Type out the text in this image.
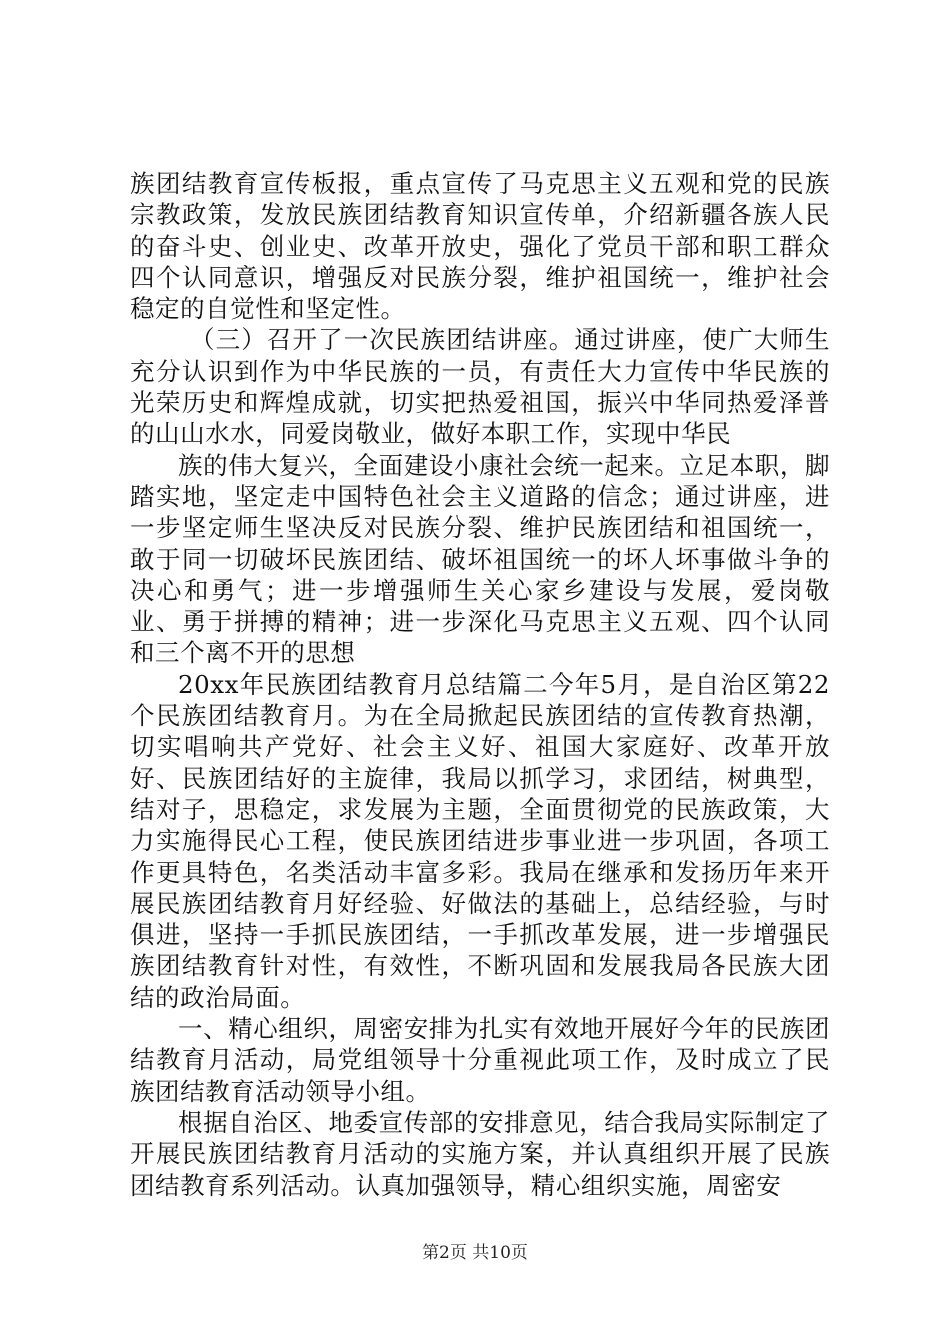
族团结教育宣传板报，重点宣传了马克思主义五观和党的民族宗教政策，发放民族团结教育知识宣传单，介绍新疆各族人民的奋斗史、创业史、改革开放史，强化了党员干部和职工群众四个认同意识，增强反对民族分裂，维护祖国统一，维护社会稳定的自觉性和坚定性。

（三）召开了一次民族团结讲座。通过讲座，使广大师生充分认识到作为中华民族的一员，有责任大力宣传中华民族的光荣历史和辉煌成就，切实把热爱祖国，振兴中华同热爱泽普的山山水水，同爱岗敬业，做好本职工作，实现中华民

族的伟大复兴，全面建设小康社会统一起来。立足本职，脚踏实地，坚定走中国特色社会主义道路的信念；通过讲座，进一步坚定师生坚决反对民族分裂、维护民族团结和祖国统一，敢于同一切破坏民族团结、破坏祖国统一的坏人坏事做斗争的决心和勇气；进一步增强师生关心家乡建设与发展，爱岗敬业、勇于拼搏的精神；进一步深化马克思主义五观、四个认同和三个离不开的思想

20xx年民族团结教育月总结篇二今年5月，是自治区第22个民族团结教育月。为在全局掀起民族团结的宣传教育热潮，切实唱响共产党好、社会主义好、祖国大家庭好、改革开放好、民族团结好的主旋律，我局以抓学习，求团结，树典型，结对子，思稳定，求发展为主题，全面贯彻党的民族政策，大力实施得民心工程，使民族团结进步事业进一步巩固，各项工作更具特色，名类活动丰富多彩。我局在继承和发扬历年来开展民族团结教育月好经验、好做法的基础上，总结经验，与时俱进，坚持一手抓民族团结，一手抓改革发展，进一步增强民族团结教育针对性，有效性，不断巩固和发展我局各民族大团结的政治局面。

一、精心组织，周密安排为扎实有效地开展好今年的民族团结教育月活动，局党组领导十分重视此项工作，及时成立了民族团结教育活动领导小组。

根据自治区、地委宣传部的安排意见，结合我局实际制定了开展民族团结教育月活动的实施方案，并认真组织开展了民族团结教育系列活动。认真加强领导，精心组织实施，周密安

第2页 共10页
